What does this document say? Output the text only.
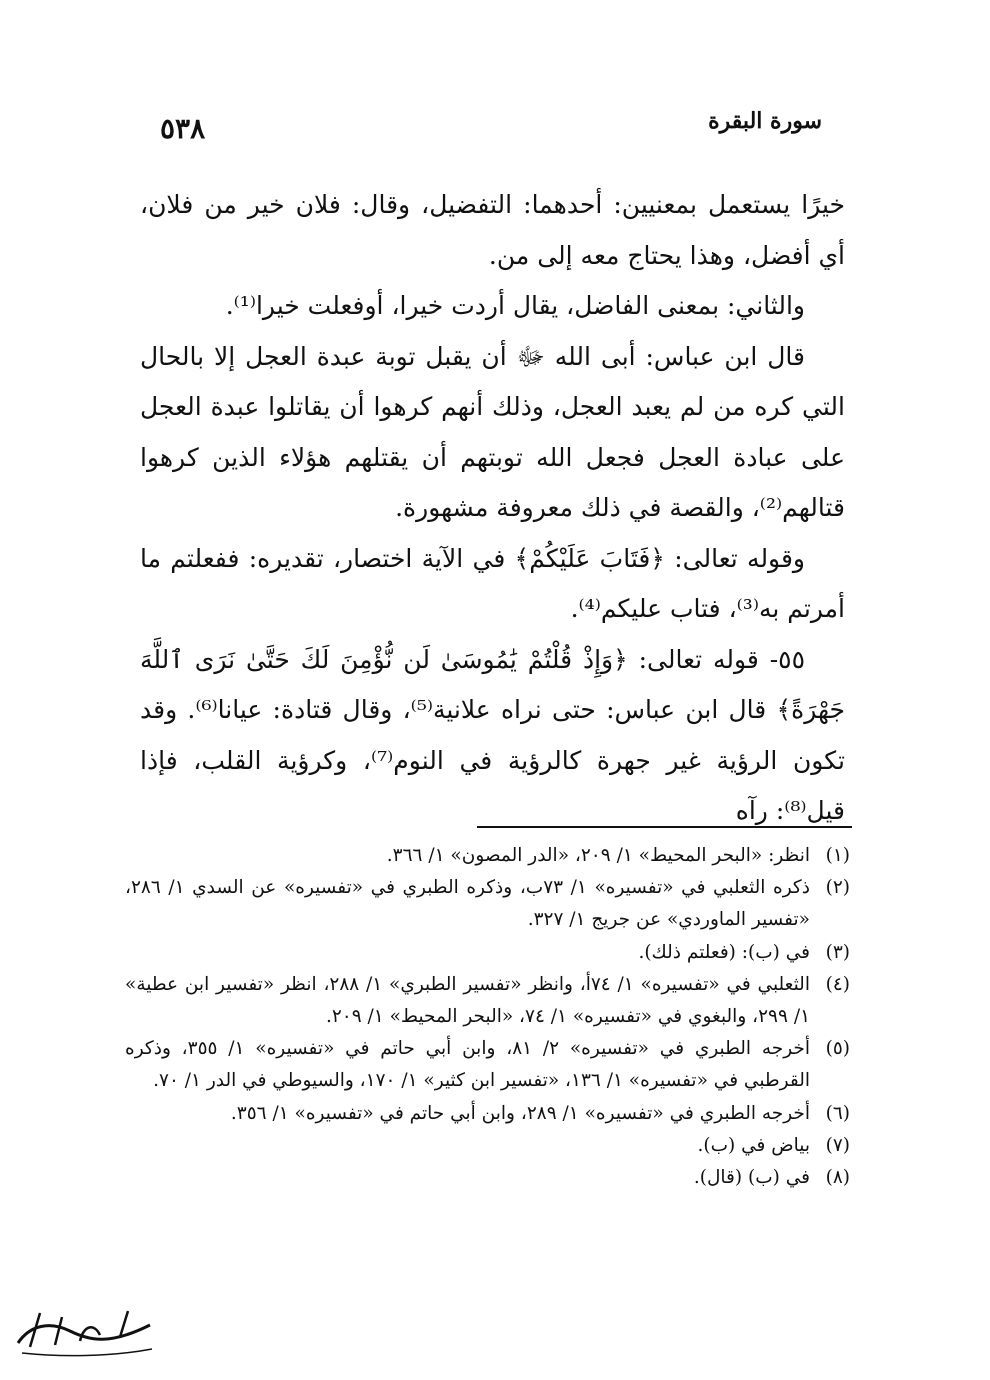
سورة البقرة
٥٣٨

خيرًا يستعمل بمعنيين: أحدهما: التفضيل، وقال: فلان خير من فلان، أي أفضل، وهذا يحتاج معه إلى من.

والثاني: بمعنى الفاضل، يقال أردت خيرا، أوفعلت خيرا⁽¹⁾.

قال ابن عباس: أبى الله ﷻ أن يقبل توبة عبدة العجل إلا بالحال التي كره من لم يعبد العجل، وذلك أنهم كرهوا أن يقاتلوا عبدة العجل على عبادة العجل فجعل الله توبتهم أن يقتلهم هؤلاء الذين كرهوا قتالهم⁽²⁾، والقصة في ذلك معروفة مشهورة.

وقوله تعالى: ﴿فَتَابَ عَلَيْكُمْ﴾ في الآية اختصار، تقديره: ففعلتم ما أمرتم به⁽³⁾، فتاب عليكم⁽⁴⁾.

٥٥- قوله تعالى: ﴿وَإِذْ قُلْتُمْ يَٰمُوسَىٰ لَن نُّؤْمِنَ لَكَ حَتَّىٰ نَرَى ٱللَّهَ جَهْرَةً﴾ قال ابن عباس: حتى نراه علانية⁽⁵⁾، وقال قتادة: عيانا⁽⁶⁾. وقد تكون الرؤية غير جهرة كالرؤية في النوم⁽⁷⁾، وكرؤية القلب، فإذا قيل⁽⁸⁾: رآه

(١)
انظر: «البحر المحيط» ١/ ٢٠٩، «الدر المصون» ١/ ٣٦٦.
(٢)
ذكره الثعلبي في «تفسيره» ١/ ٧٣ب، وذكره الطبري في «تفسيره» عن السدي ١/ ٢٨٦، «تفسير الماوردي» عن جريج ١/ ٣٢٧.
(٣)
في (ب): (فعلتم ذلك).
(٤)
الثعلبي في «تفسيره» ١/ ٧٤أ، وانظر «تفسير الطبري» ١/ ٢٨٨، انظر «تفسير ابن عطية» ١/ ٢٩٩، والبغوي في «تفسيره» ١/ ٧٤، «البحر المحيط» ١/ ٢٠٩.
(٥)
أخرجه الطبري في «تفسيره» ٢/ ٨١، وابن أبي حاتم في «تفسيره» ١/ ٣٥٥، وذكره القرطبي في «تفسيره» ١/ ١٣٦، «تفسير ابن كثير» ١/ ١٧٠، والسيوطي في الدر ١/ ٧٠.
(٦)
أخرجه الطبري في «تفسيره» ١/ ٢٨٩، وابن أبي حاتم في «تفسيره» ١/ ٣٥٦.
(٧)
بياض في (ب).
(٨)
في (ب) (قال).
